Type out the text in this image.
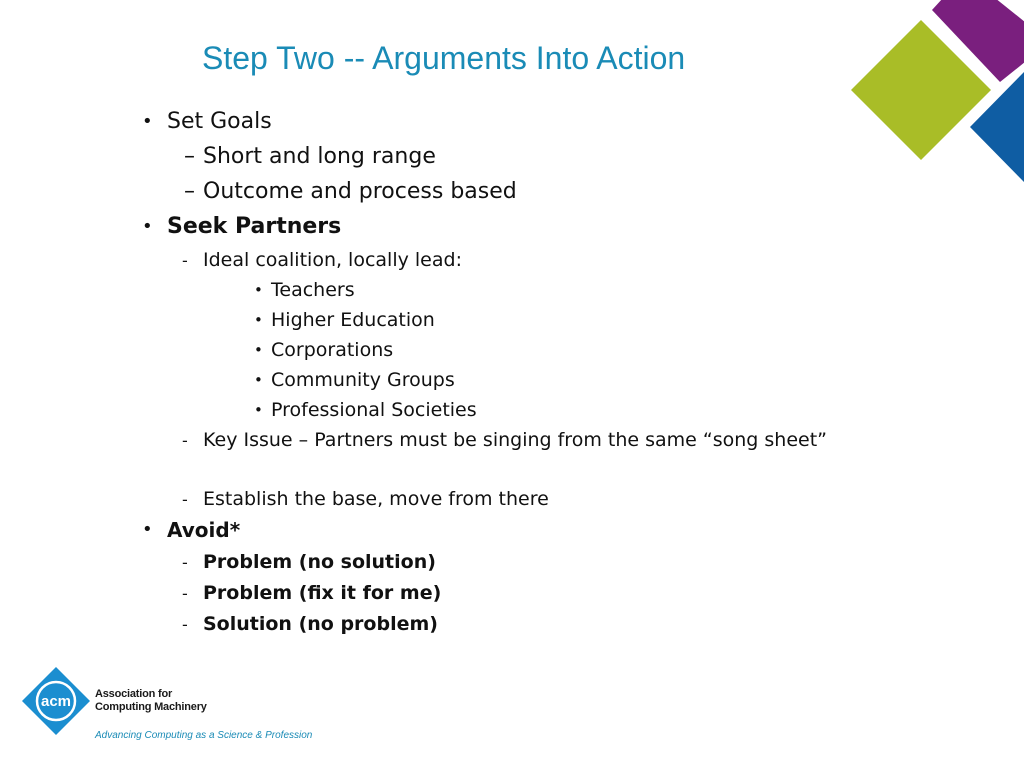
Step Two -- Arguments Into Action

• Set Goals

– Short and long range

– Outcome and process based

• Seek Partners

- Ideal coalition, locally lead:

• Teachers

• Higher Education

• Corporations

• Community Groups

• Professional Societies

- Key Issue – Partners must be singing from the same “song sheet”

- Establish the base, move from there

• Avoid*

- Problem (no solution)

- Problem (fix it for me)

- Solution (no problem)

acm Association for

Computing Machinery

Advancing Computing as a Science & Profession
